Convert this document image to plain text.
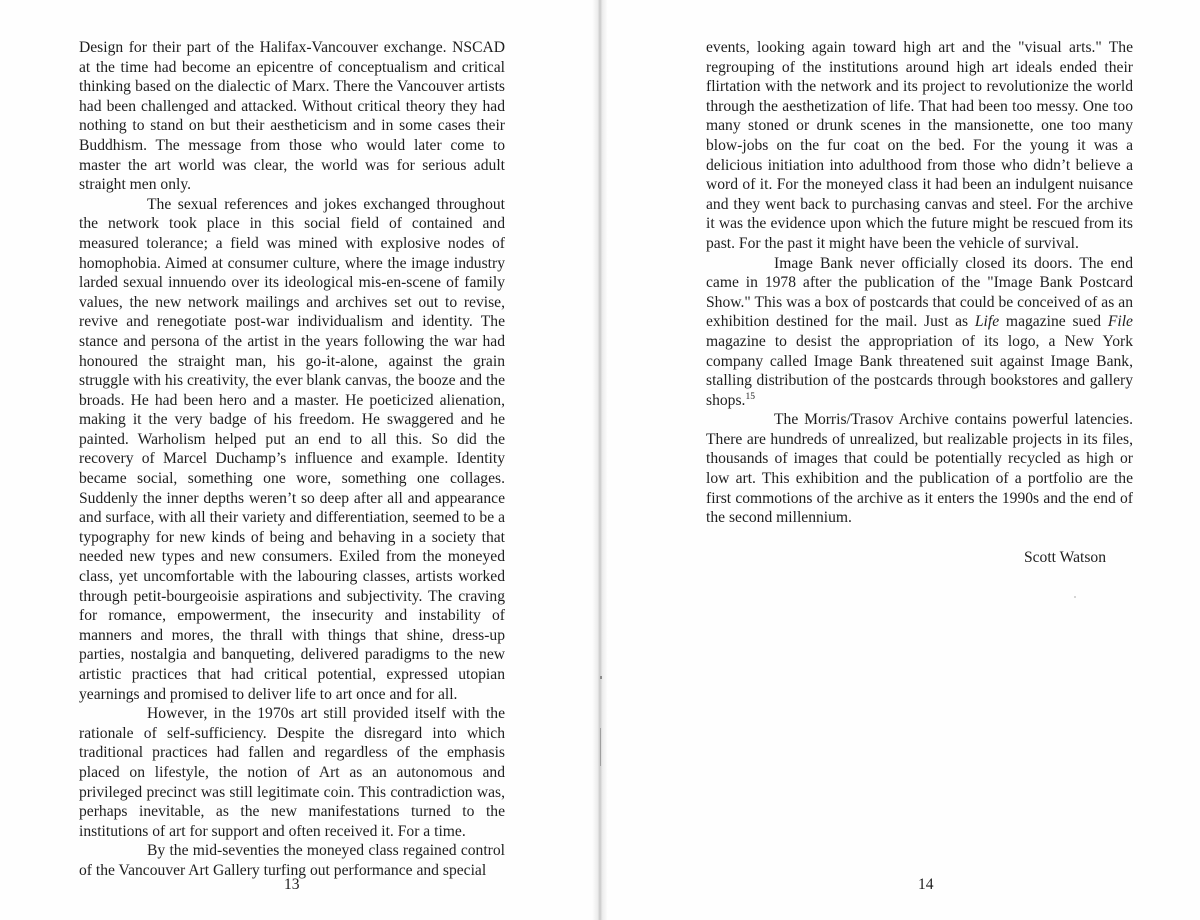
Design for their part of the Halifax-Vancouver exchange. NSCAD at the time had become an epicentre of conceptualism and critical thinking based on the dialectic of Marx. There the Vancouver artists had been challenged and attacked. Without critical theory they had nothing to stand on but their aestheticism and in some cases their Buddhism. The message from those who would later come to master the art world was clear, the world was for serious adult straight men only.

The sexual references and jokes exchanged throughout the network took place in this social field of contained and measured tolerance; a field was mined with explosive nodes of homophobia. Aimed at consumer culture, where the image industry larded sexual innuendo over its ideological mis-en-scene of family values, the new network mailings and archives set out to revise, revive and renegotiate post-war individualism and identity. The stance and persona of the artist in the years following the war had honoured the straight man, his go-it-alone, against the grain struggle with his creativity, the ever blank canvas, the booze and the broads. He had been hero and a master. He poeticized alienation, making it the very badge of his freedom. He swaggered and he painted. Warholism helped put an end to all this. So did the recovery of Marcel Duchamp’s influence and example. Identity became social, something one wore, something one collages. Suddenly the inner depths weren’t so deep after all and appearance and surface, with all their variety and differentiation, seemed to be a typography for new kinds of being and behaving in a society that needed new types and new consumers. Exiled from the moneyed class, yet uncomfortable with the labouring classes, artists worked through petit-bourgeoisie aspirations and subjectivity. The craving for romance, empowerment, the insecurity and instability of manners and mores, the thrall with things that shine, dress-up parties, nostalgia and banqueting, delivered paradigms to the new artistic practices that had critical potential, expressed utopian yearnings and promised to deliver life to art once and for all.

However, in the 1970s art still provided itself with the rationale of self-sufficiency. Despite the disregard into which traditional practices had fallen and regardless of the emphasis placed on lifestyle, the notion of Art as an autonomous and privileged precinct was still legitimate coin. This contradiction was, perhaps inevitable, as the new manifestations turned to the institutions of art for support and often received it. For a time.

By the mid-seventies the moneyed class regained control of the Vancouver Art Gallery turfing out performance and special

13

events, looking again toward high art and the "visual arts." The regrouping of the institutions around high art ideals ended their flirtation with the network and its project to revolutionize the world through the aesthetization of life. That had been too messy. One too many stoned or drunk scenes in the mansionette, one too many blow-jobs on the fur coat on the bed. For the young it was a delicious initiation into adulthood from those who didn’t believe a word of it. For the moneyed class it had been an indulgent nuisance and they went back to purchasing canvas and steel. For the archive it was the evidence upon which the future might be rescued from its past. For the past it might have been the vehicle of survival.

Image Bank never officially closed its doors. The end came in 1978 after the publication of the "Image Bank Postcard Show." This was a box of postcards that could be conceived of as an exhibition destined for the mail. Just as Life magazine sued File magazine to desist the appropriation of its logo, a New York company called Image Bank threatened suit against Image Bank, stalling distribution of the postcards through bookstores and gallery shops.$^{15}$

The Morris/Trasov Archive contains powerful latencies. There are hundreds of unrealized, but realizable projects in its files, thousands of images that could be potentially recycled as high or low art. This exhibition and the publication of a portfolio are the first commotions of the archive as it enters the 1990s and the end of the second millennium.

Scott Watson
14
